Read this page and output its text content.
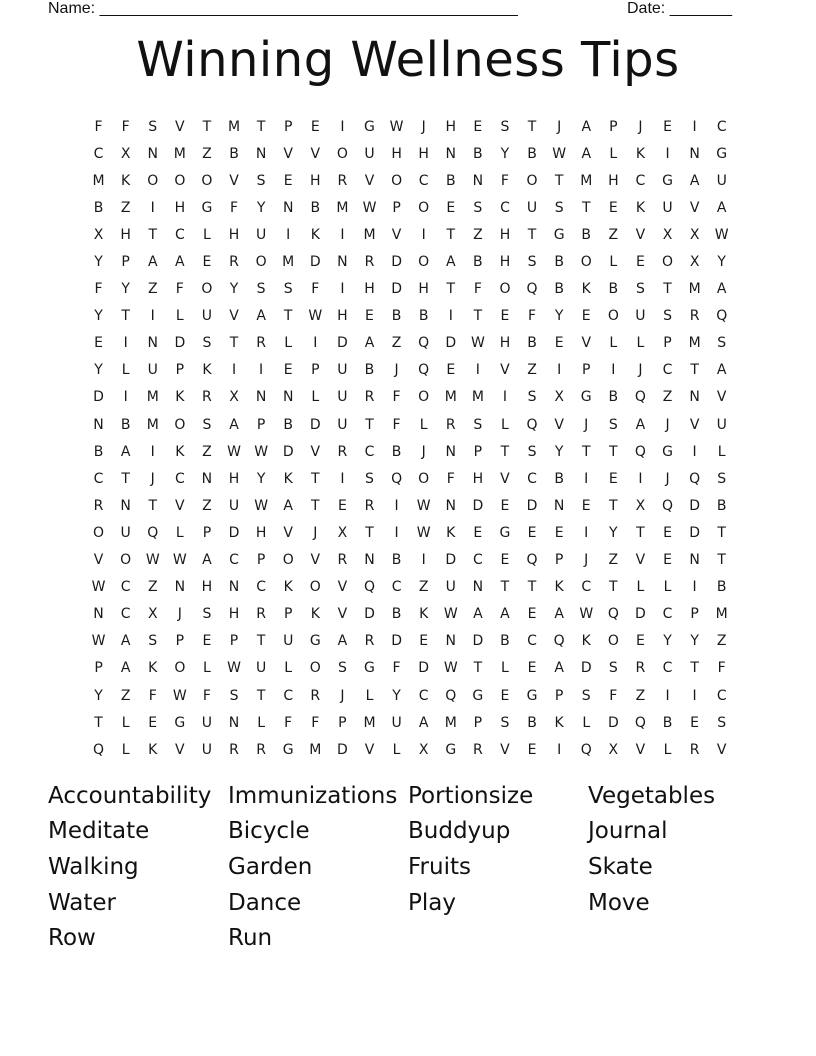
Name: _______________________________________________	Date: _______
Winning Wellness Tips
F	F	S	V	T	M	T	P	E	I	G	W	J	H	E	S	T	J	A	P	J	E	I	C
C	X	N	M	Z	B	N	V	V	O	U	H	H	N	B	Y	B	W	A	L	K	I	N	G
M	K	O	O	O	V	S	E	H	R	V	O	C	B	N	F	O	T	M	H	C	G	A	U
B	Z	I	H	G	F	Y	N	B	M	W	P	O	E	S	C	U	S	T	E	K	U	V	A
X	H	T	C	L	H	U	I	K	I	M	V	I	T	Z	H	T	G	B	Z	V	X	X	W
Y	P	A	A	E	R	O	M	D	N	R	D	O	A	B	H	S	B	O	L	E	O	X	Y
F	Y	Z	F	O	Y	S	S	F	I	H	D	H	T	F	O	Q	B	K	B	S	T	M	A
Y	T	I	L	U	V	A	T	W	H	E	B	B	I	T	E	F	Y	E	O	U	S	R	Q
E	I	N	D	S	T	R	L	I	D	A	Z	Q	D	W	H	B	E	V	L	L	P	M	S
Y	L	U	P	K	I	I	E	P	U	B	J	Q	E	I	V	Z	I	P	I	J	C	T	A
D	I	M	K	R	X	N	N	L	U	R	F	O	M	M	I	S	X	G	B	Q	Z	N	V
N	B	M	O	S	A	P	B	D	U	T	F	L	R	S	L	Q	V	J	S	A	J	V	U
B	A	I	K	Z	W W	D	V	R	C	B	J	N	P	T	S	Y	T	T	Q	G	I	L
C	T	J	C	N	H	Y	K	T	I	S	Q	O	F	H	V	C	B	I	E	I	J	Q	S
R	N	T	V	Z	U	W	A	T	E	R	I	W	N	D	E	D	N	E	T	X	Q	D	B
O	U	Q	L	P	D	H	V	J	X	T	I	W	K	E	G	E	E	I	Y	T	E	D	T
V	O	W W	A	C	P	O	V	R	N	B	I	D	C	E	Q	P	J	Z	V	E	N	T
W	C	Z	N	H	N	C	K	O	V	Q	C	Z	U	N	T	T	K	C	T	L	L	I	B
N	C	X	J	S	H	R	P	K	V	D	B	K	W	A	A	E	A	W	Q	D	C	P	M
W	A	S	P	E	P	T	U	G	A	R	D	E	N	D	B	C	Q	K	O	E	Y	Y	Z
P	A	K	O	L	W	U	L	O	S	G	F	D	W	T	L	E	A	D	S	R	C	T	F
Y	Z	F	W	F	S	T	C	R	J	L	Y	C	Q	G	E	G	P	S	F	Z	I	I	C
T	L	E	G	U	N	L	F	F	P	M	U	A	M	P	S	B	K	L	D	Q	B	E	S
Q	L	K	V	U	R	R	G	M	D	V	L	X	G	R	V	E	I	Q	X	V	L	R	V
Accountability Immunizations Portionsize	Vegetables
Meditate	Bicycle	Buddyup	Journal
Walking	Garden	Fruits	Skate
Water	Dance	Play	Move
Row	Run
